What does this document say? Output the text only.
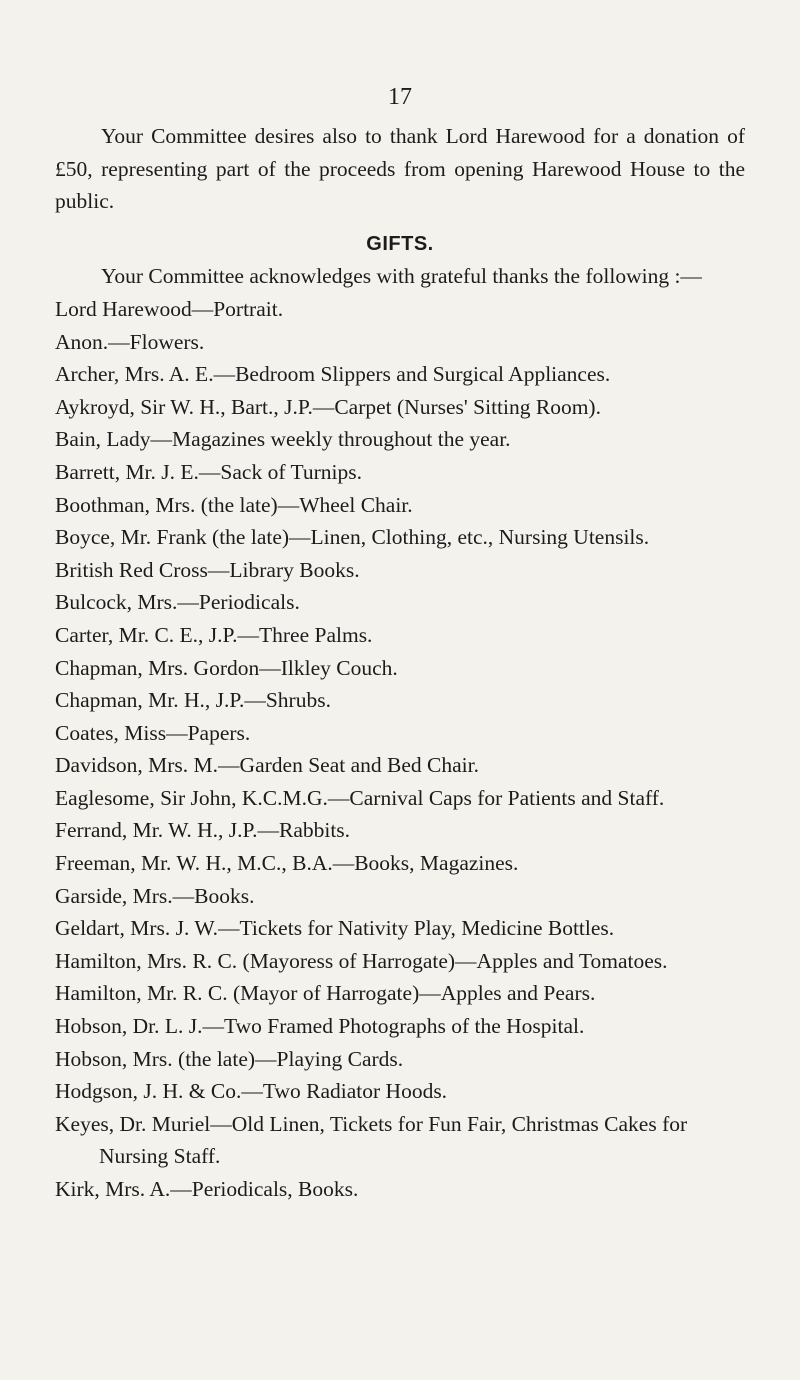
17

Your Committee desires also to thank Lord Harewood for a donation of £50, representing part of the proceeds from opening Harewood House to the public.

GIFTS.

Your Committee acknowledges with grateful thanks the following :—

Lord Harewood—Portrait.
Anon.—Flowers.
Archer, Mrs. A. E.—Bedroom Slippers and Surgical Appliances.
Aykroyd, Sir W. H., Bart., J.P.—Carpet (Nurses' Sitting Room).
Bain, Lady—Magazines weekly throughout the year.
Barrett, Mr. J. E.—Sack of Turnips.
Boothman, Mrs. (the late)—Wheel Chair.
Boyce, Mr. Frank (the late)—Linen, Clothing, etc., Nursing Utensils.
British Red Cross—Library Books.
Bulcock, Mrs.—Periodicals.
Carter, Mr. C. E., J.P.—Three Palms.
Chapman, Mrs. Gordon—Ilkley Couch.
Chapman, Mr. H., J.P.—Shrubs.
Coates, Miss—Papers.
Davidson, Mrs. M.—Garden Seat and Bed Chair.
Eaglesome, Sir John, K.C.M.G.—Carnival Caps for Patients and Staff.
Ferrand, Mr. W. H., J.P.—Rabbits.
Freeman, Mr. W. H., M.C., B.A.—Books, Magazines.
Garside, Mrs.—Books.
Geldart, Mrs. J. W.—Tickets for Nativity Play, Medicine Bottles.
Hamilton, Mrs. R. C. (Mayoress of Harrogate)—Apples and Tomatoes.
Hamilton, Mr. R. C. (Mayor of Harrogate)—Apples and Pears.
Hobson, Dr. L. J.—Two Framed Photographs of the Hospital.
Hobson, Mrs. (the late)—Playing Cards.
Hodgson, J. H. & Co.—Two Radiator Hoods.
Keyes, Dr. Muriel—Old Linen, Tickets for Fun Fair, Christmas Cakes for Nursing Staff.
Kirk, Mrs. A.—Periodicals, Books.
